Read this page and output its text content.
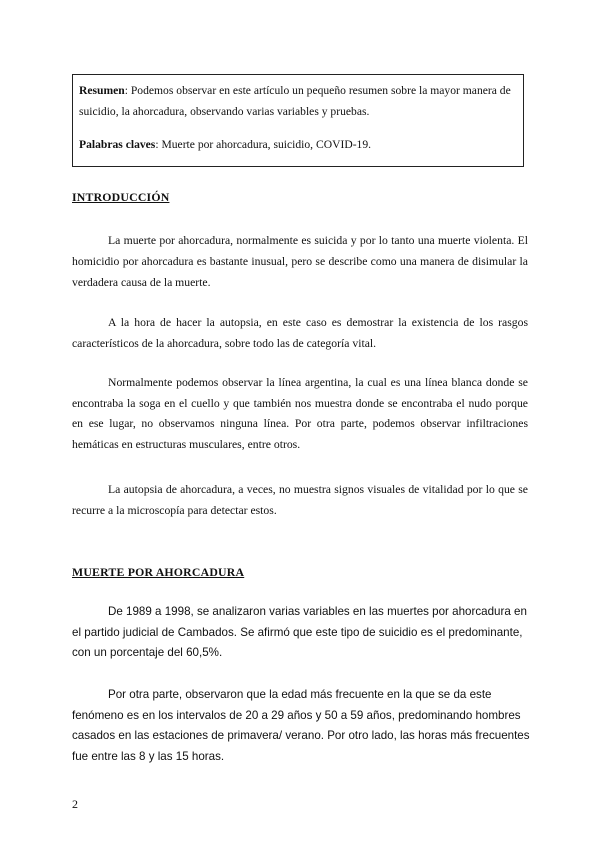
Resumen: Podemos observar en este artículo un pequeño resumen sobre la mayor manera de suicidio, la ahorcadura, observando varias variables y pruebas.

Palabras claves: Muerte por ahorcadura, suicidio, COVID-19.

INTRODUCCIÓN

La muerte por ahorcadura, normalmente es suicida y por lo tanto una muerte violenta. El homicidio por ahorcadura es bastante inusual, pero se describe como una manera de disimular la verdadera causa de la muerte.

A la hora de hacer la autopsia, en este caso es demostrar la existencia de los rasgos característicos de la ahorcadura, sobre todo las de categoría vital.

Normalmente podemos observar la línea argentina, la cual es una línea blanca donde se encontraba la soga en el cuello y que también nos muestra donde se encontraba el nudo porque en ese lugar, no observamos ninguna línea. Por otra parte, podemos observar infiltraciones hemáticas en estructuras musculares, entre otros.

La autopsia de ahorcadura, a veces, no muestra signos visuales de vitalidad por lo que se recurre a la microscopía para detectar estos.

MUERTE POR AHORCADURA

De 1989 a 1998, se analizaron varias variables en las muertes por ahorcadura en el partido judicial de Cambados. Se afirmó que este tipo de suicidio es el predominante, con un porcentaje del 60,5%.

Por otra parte, observaron que la edad más frecuente en la que se da este fenómeno es en los intervalos de 20 a 29 años y 50 a 59 años, predominando hombres casados en las estaciones de primavera/ verano. Por otro lado, las horas más frecuentes fue entre las 8 y las 15 horas.

2
